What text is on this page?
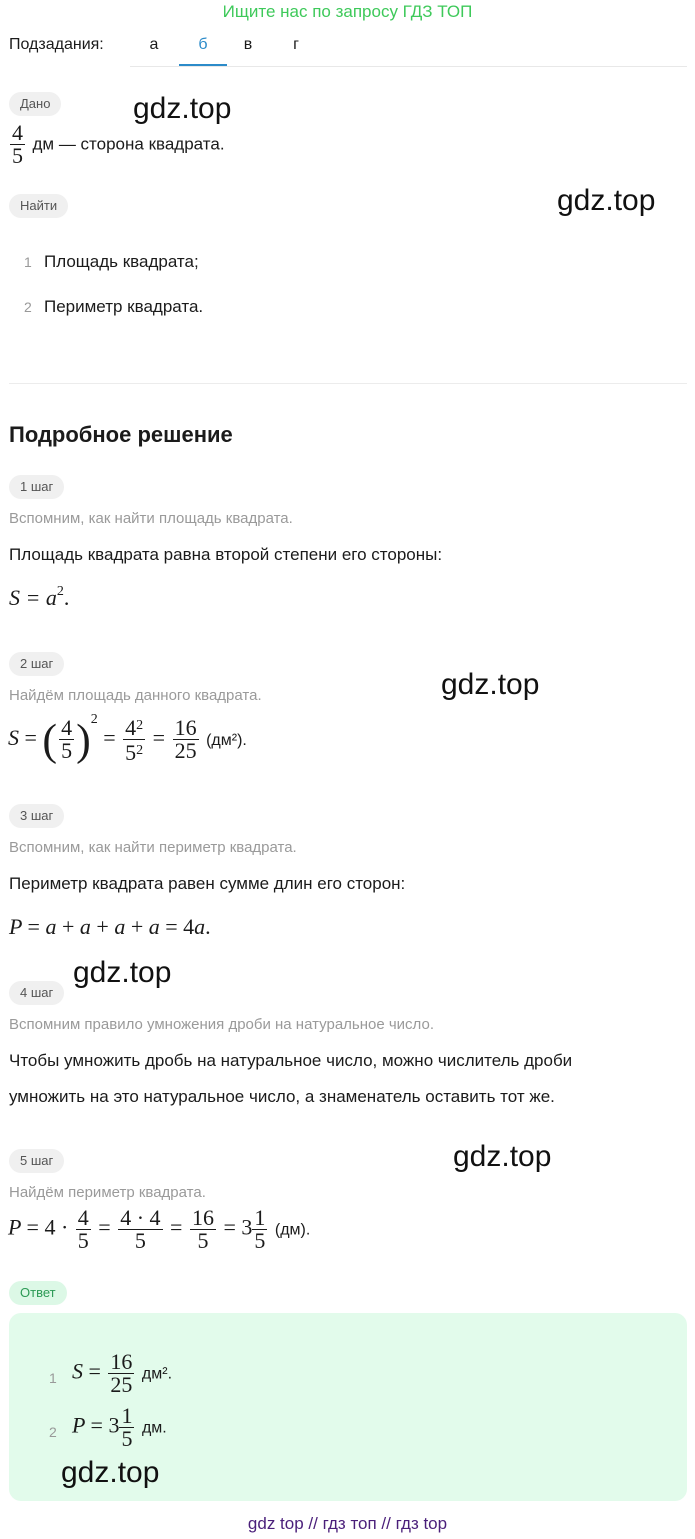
Ищите нас по запросу ГДЗ ТОП
Подзадания:	а	б	в	г
Дано
$\frac{4}{5}$ дм — сторона квадрата.
Найти
1 Площадь квадрата;
2 Периметр квадрата.
Подробное решение
1 шаг
Вспомним, как найти площадь квадрата.
Площадь квадрата равна второй степени его стороны:
$S = a^2$.
2 шаг
Найдём площадь данного квадрата.
S = ( $\frac{4}{5} )^2 = \frac{4^2}{5^2} = \frac{16}{25} (дм^2)$.
3 шаг
Вспомним, как найти периметр квадрата.
Периметр квадрата равен сумме длин его сторон:
P = a + a + a + a = 4a.
4 шаг
Вспомним правило умножения дроби на натуральное число.
Чтобы умножить дробь на натуральное число, можно числитель дроби
умножить на это натуральное число, а знаменатель оставить тот же.
5 шаг
Найдём периметр квадрата.
$P = 4 \cdot \frac{4}{5} = \frac{4 \cdot 4}{5} = \frac{16}{5} = 3 \frac{1}{5} (дм)$.
Ответ
1 $S = \frac{16}{25} дм^2$.
2 $P = 3 \frac{1}{5}$ дм.
gdz.top
gdz.top
gdz.top
gdz.top
gdz.top
gdz.top
gdz top // гдз топ // гдз top
